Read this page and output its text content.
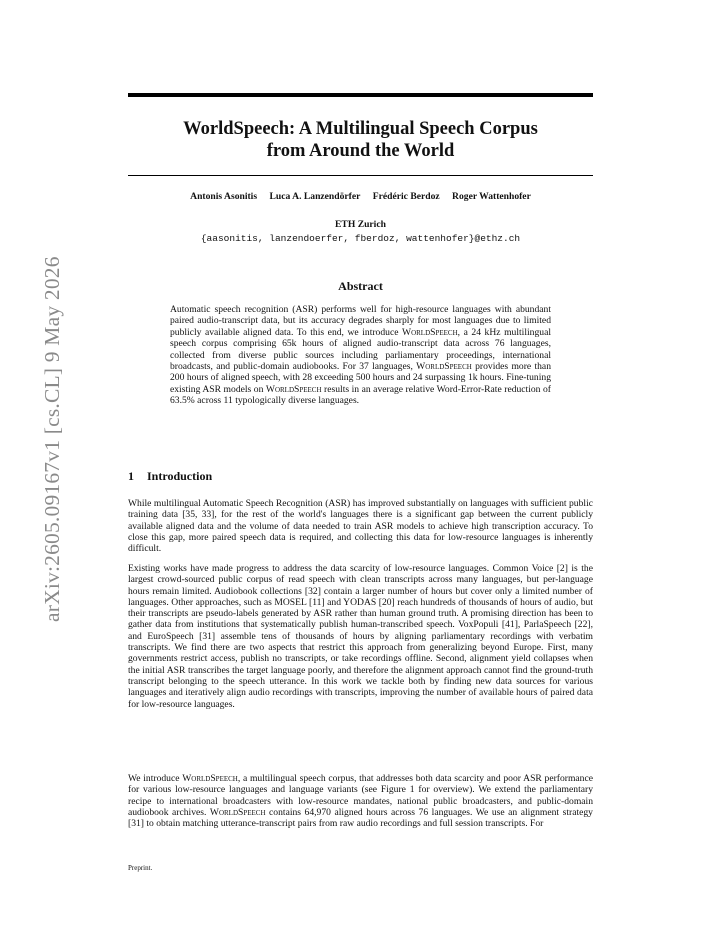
arXiv:2605.09167v1 [cs.CL] 9 May 2026
WorldSpeech: A Multilingual Speech Corpus
from Around the World
Antonis Asonitis Luca A. Lanzendörfer Frédéric Berdoz Roger Wattenhofer
ETH Zurich
{aasonitis, lanzendoerfer, fberdoz, wattenhofer}@ethz.ch
Abstract

Automatic speech recognition (ASR) performs well for high-resource languages with abundant paired audio-transcript data, but its accuracy degrades sharply for most languages due to limited publicly available aligned data. To this end, we introduce WorldSpeech, a 24 kHz multilingual speech corpus comprising 65k hours of aligned audio-transcript data across 76 languages, collected from diverse public sources including parliamentary proceedings, international broadcasts, and public-domain audiobooks. For 37 languages, WorldSpeech provides more than 200 hours of aligned speech, with 28 exceeding 500 hours and 24 surpassing 1k hours. Fine-tuning existing ASR models on WorldSpeech results in an average relative Word-Error-Rate reduction of 63.5% across 11 typologically diverse languages.

1 Introduction

While multilingual Automatic Speech Recognition (ASR) has improved substantially on languages with sufficient public training data [35, 33], for the rest of the world's languages there is a significant gap between the current publicly available aligned data and the volume of data needed to train ASR models to achieve high transcription accuracy. To close this gap, more paired speech data is required, and collecting this data for low-resource languages is inherently difficult.

Existing works have made progress to address the data scarcity of low-resource languages. Common Voice [2] is the largest crowd-sourced public corpus of read speech with clean transcripts across many languages, but per-language hours remain limited. Audiobook collections [32] contain a larger number of hours but cover only a limited number of languages. Other approaches, such as MOSEL [11] and YODAS [20] reach hundreds of thousands of hours of audio, but their transcripts are pseudo-labels generated by ASR rather than human ground truth. A promising direction has been to gather data from institutions that systematically publish human-transcribed speech. VoxPopuli [41], ParlaSpeech [22], and EuroSpeech [31] assemble tens of thousands of hours by aligning parliamentary recordings with verbatim transcripts. We find there are two aspects that restrict this approach from generalizing beyond Europe. First, many governments restrict access, publish no transcripts, or take recordings offline. Second, alignment yield collapses when the initial ASR transcribes the target language poorly, and therefore the alignment approach cannot find the ground-truth transcript belonging to the speech utterance. In this work we tackle both by finding new data sources for various languages and iteratively align audio recordings with transcripts, improving the number of available hours of paired data for low-resource languages.

We introduce WorldSpeech, a multilingual speech corpus, that addresses both data scarcity and poor ASR performance for various low-resource languages and language variants (see Figure 1 for overview). We extend the parliamentary recipe to international broadcasters with low-resource mandates, national public broadcasters, and public-domain audiobook archives. WorldSpeech contains 64,970 aligned hours across 76 languages. We use an alignment strategy [31] to obtain matching utterance-transcript pairs from raw audio recordings and full session transcripts. For

Preprint.
